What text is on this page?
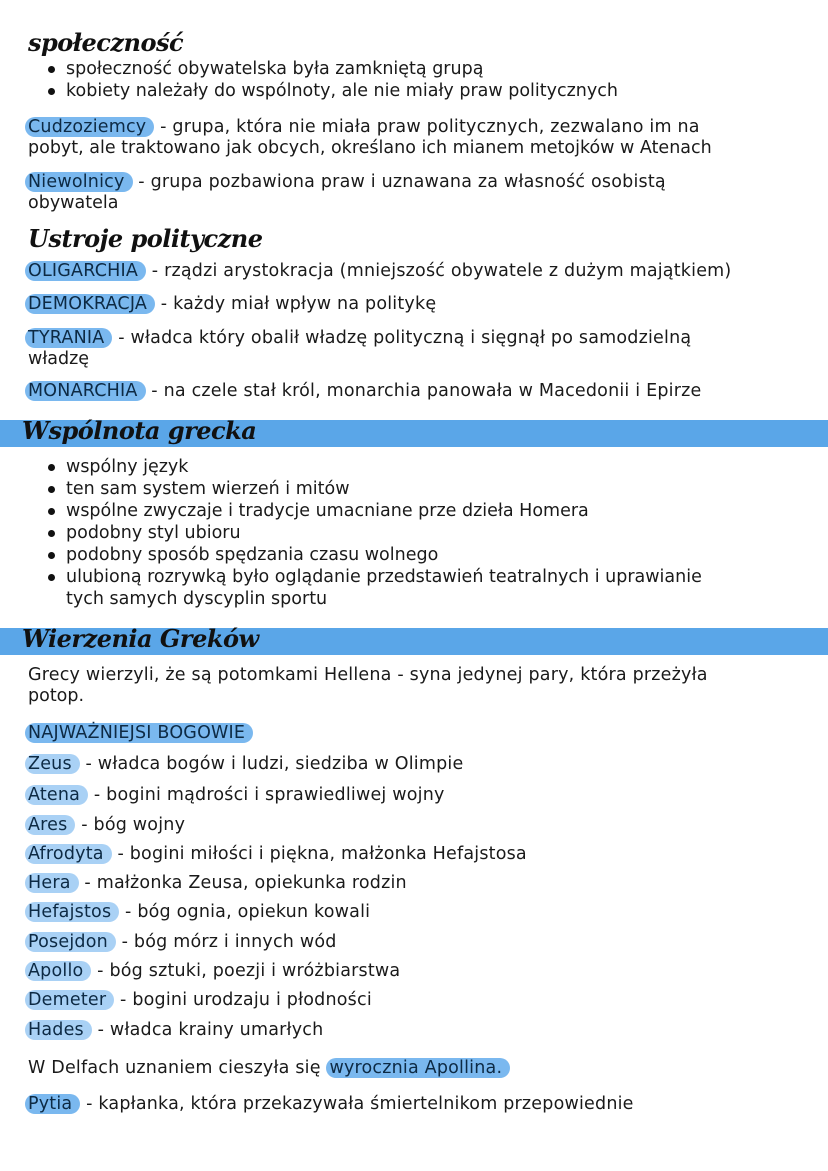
społeczność
społeczność obywatelska była zamkniętą grupą
kobiety należały do wspólnoty, ale nie miały praw politycznych
Cudzoziemcy - grupa, która nie miała praw politycznych, zezwalano im na
pobyt, ale traktowano jak obcych, określano ich mianem metojków w Atenach
Niewolnicy - grupa pozbawiona praw i uznawana za własność osobistą
obywatela
Ustroje polityczne
OLIGARCHIA - rządzi arystokracja (mniejszość obywatele z dużym majątkiem)
DEMOKRACJA - każdy miał wpływ na politykę
TYRANIA - władca który obalił władzę polityczną i sięgnął po samodzielną
władzę
MONARCHIA - na czele stał król, monarchia panowała w Macedonii i Epirze
Wspólnota grecka
wspólny język
ten sam system wierzeń i mitów
wspólne zwyczaje i tradycje umacniane prze dzieła Homera
podobny styl ubioru
podobny sposób spędzania czasu wolnego
ulubioną rozrywką było oglądanie przedstawień teatralnych i uprawianie
tych samych dyscyplin sportu
Wierzenia Greków
Grecy wierzyli, że są potomkami Hellena - syna jedynej pary, która przeżyła
potop.
NAJWAŻNIEJSI BOGOWIE
Zeus - władca bogów i ludzi, siedziba w Olimpie
Atena - bogini mądrości i sprawiedliwej wojny
Ares - bóg wojny
Afrodyta - bogini miłości i piękna, małżonka Hefajstosa
Hera - małżonka Zeusa, opiekunka rodzin
Hefajstos - bóg ognia, opiekun kowali
Posejdon - bóg mórz i innych wód
Apollo - bóg sztuki, poezji i wróżbiarstwa
Demeter - bogini urodzaju i płodności
Hades - władca krainy umarłych
W Delfach uznaniem cieszyła się wyrocznia Apollina.
Pytia - kapłanka, która przekazywała śmiertelnikom przepowiednie
